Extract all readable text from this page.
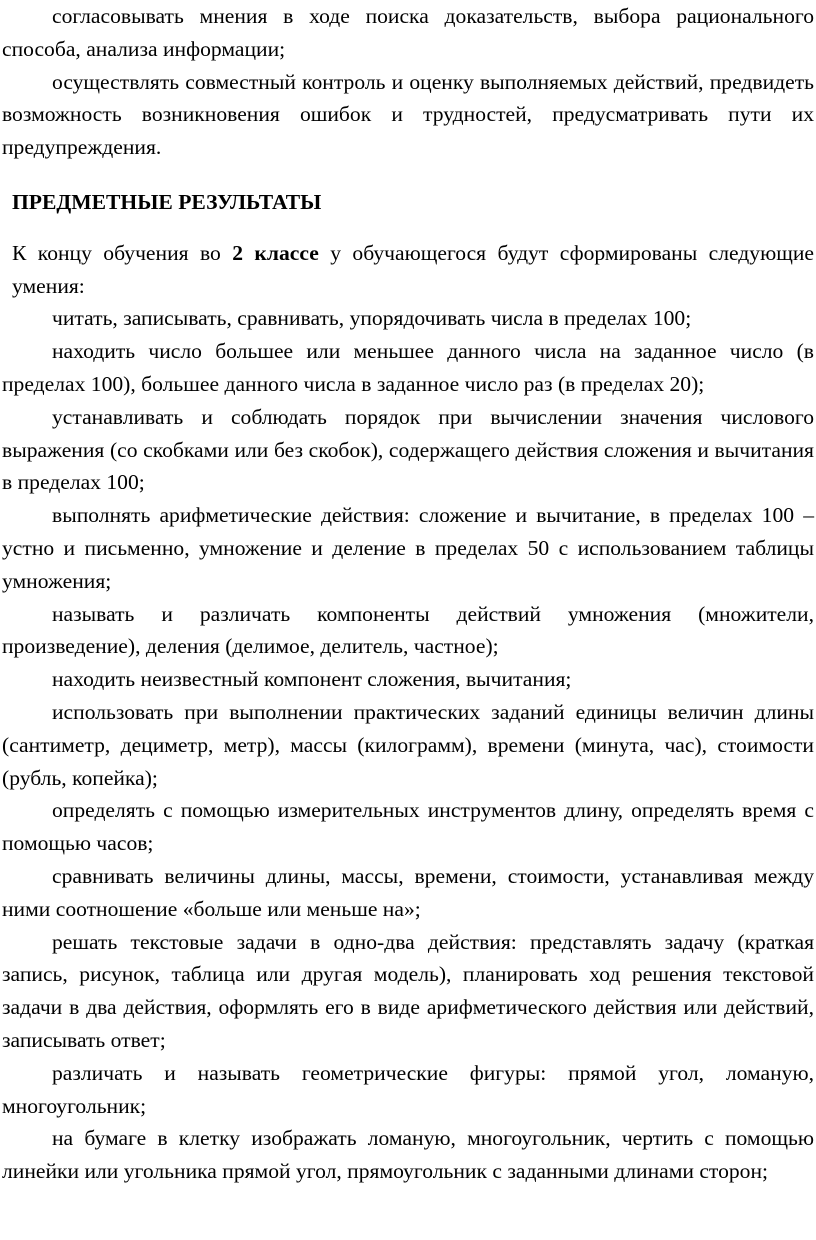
согласовывать мнения в ходе поиска доказательств, выбора рационального способа, анализа информации;

осуществлять совместный контроль и оценку выполняемых действий, предвидеть возможность возникновения ошибок и трудностей, предусматривать пути их предупреждения.

ПРЕДМЕТНЫЕ РЕЗУЛЬТАТЫ

К концу обучения во 2 классе у обучающегося будут сформированы следующие умения:

читать, записывать, сравнивать, упорядочивать числа в пределах 100;

находить число большее или меньшее данного числа на заданное число (в пределах 100), большее данного числа в заданное число раз (в пределах 20);

устанавливать и соблюдать порядок при вычислении значения числового выражения (со скобками или без скобок), содержащего действия сложения и вычитания в пределах 100;

выполнять арифметические действия: сложение и вычитание, в пределах 100 – устно и письменно, умножение и деление в пределах 50 с использованием таблицы умножения;

называть и различать компоненты действий умножения (множители, произведение), деления (делимое, делитель, частное);

находить неизвестный компонент сложения, вычитания;

использовать при выполнении практических заданий единицы величин длины (сантиметр, дециметр, метр), массы (килограмм), времени (минута, час), стоимости (рубль, копейка);

определять с помощью измерительных инструментов длину, определять время с помощью часов;

сравнивать величины длины, массы, времени, стоимости, устанавливая между ними соотношение «больше или меньше на»;

решать текстовые задачи в одно-два действия: представлять задачу (краткая запись, рисунок, таблица или другая модель), планировать ход решения текстовой задачи в два действия, оформлять его в виде арифметического действия или действий, записывать ответ;

различать и называть геометрические фигуры: прямой угол, ломаную, многоугольник;

на бумаге в клетку изображать ломаную, многоугольник, чертить с помощью линейки или угольника прямой угол, прямоугольник с заданными длинами сторон;
